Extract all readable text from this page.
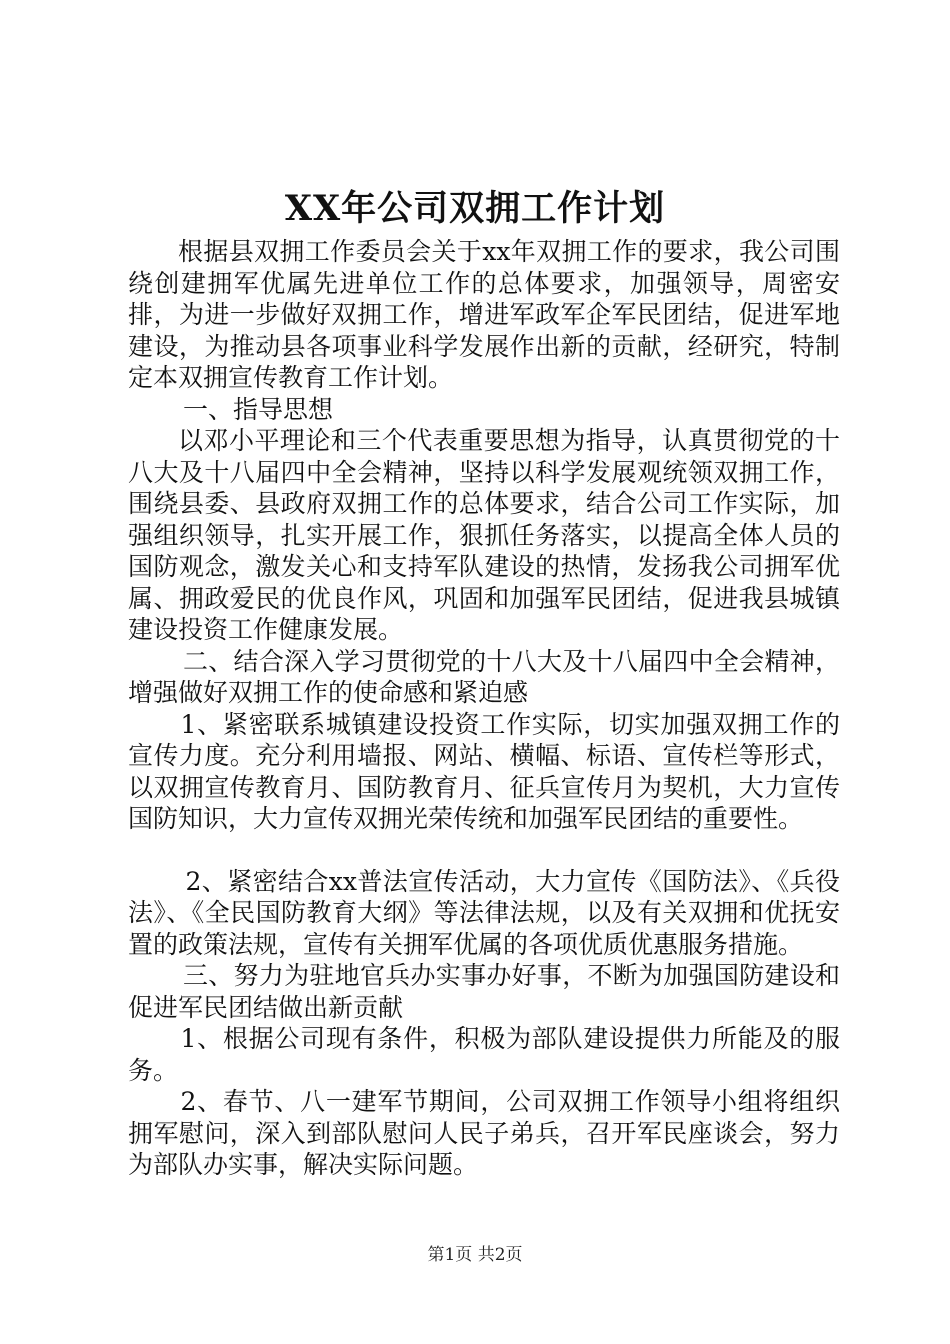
XX年公司双拥工作计划

根据县双拥工作委员会关于xx年双拥工作的要求，我公司围绕创建拥军优属先进单位工作的总体要求，加强领导，周密安排，为进一步做好双拥工作，增进军政军企军民团结，促进军地建设，为推动县各项事业科学发展作出新的贡献，经研究，特制定本双拥宣传教育工作计划。

一、指导思想

以邓小平理论和三个代表重要思想为指导，认真贯彻党的十八大及十八届四中全会精神，坚持以科学发展观统领双拥工作，围绕县委、县政府双拥工作的总体要求，结合公司工作实际，加强组织领导，扎实开展工作，狠抓任务落实，以提高全体人员的国防观念，激发关心和支持军队建设的热情，发扬我公司拥军优属、拥政爱民的优良作风，巩固和加强军民团结，促进我县城镇建设投资工作健康发展。

二、结合深入学习贯彻党的十八大及十八届四中全会精神，增强做好双拥工作的使命感和紧迫感

1、紧密联系城镇建设投资工作实际，切实加强双拥工作的宣传力度。充分利用墙报、网站、横幅、标语、宣传栏等形式，以双拥宣传教育月、国防教育月、征兵宣传月为契机，大力宣传国防知识，大力宣传双拥光荣传统和加强军民团结的重要性。

2、紧密结合xx普法宣传活动，大力宣传《国防法》、《兵役法》、《全民国防教育大纲》等法律法规，以及有关双拥和优抚安置的政策法规，宣传有关拥军优属的各项优质优惠服务措施。

三、努力为驻地官兵办实事办好事，不断为加强国防建设和促进军民团结做出新贡献

1、根据公司现有条件，积极为部队建设提供力所能及的服务。

2、春节、八一建军节期间，公司双拥工作领导小组将组织拥军慰问，深入到部队慰问人民子弟兵，召开军民座谈会，努力为部队办实事，解决实际问题。

第1页 共2页
